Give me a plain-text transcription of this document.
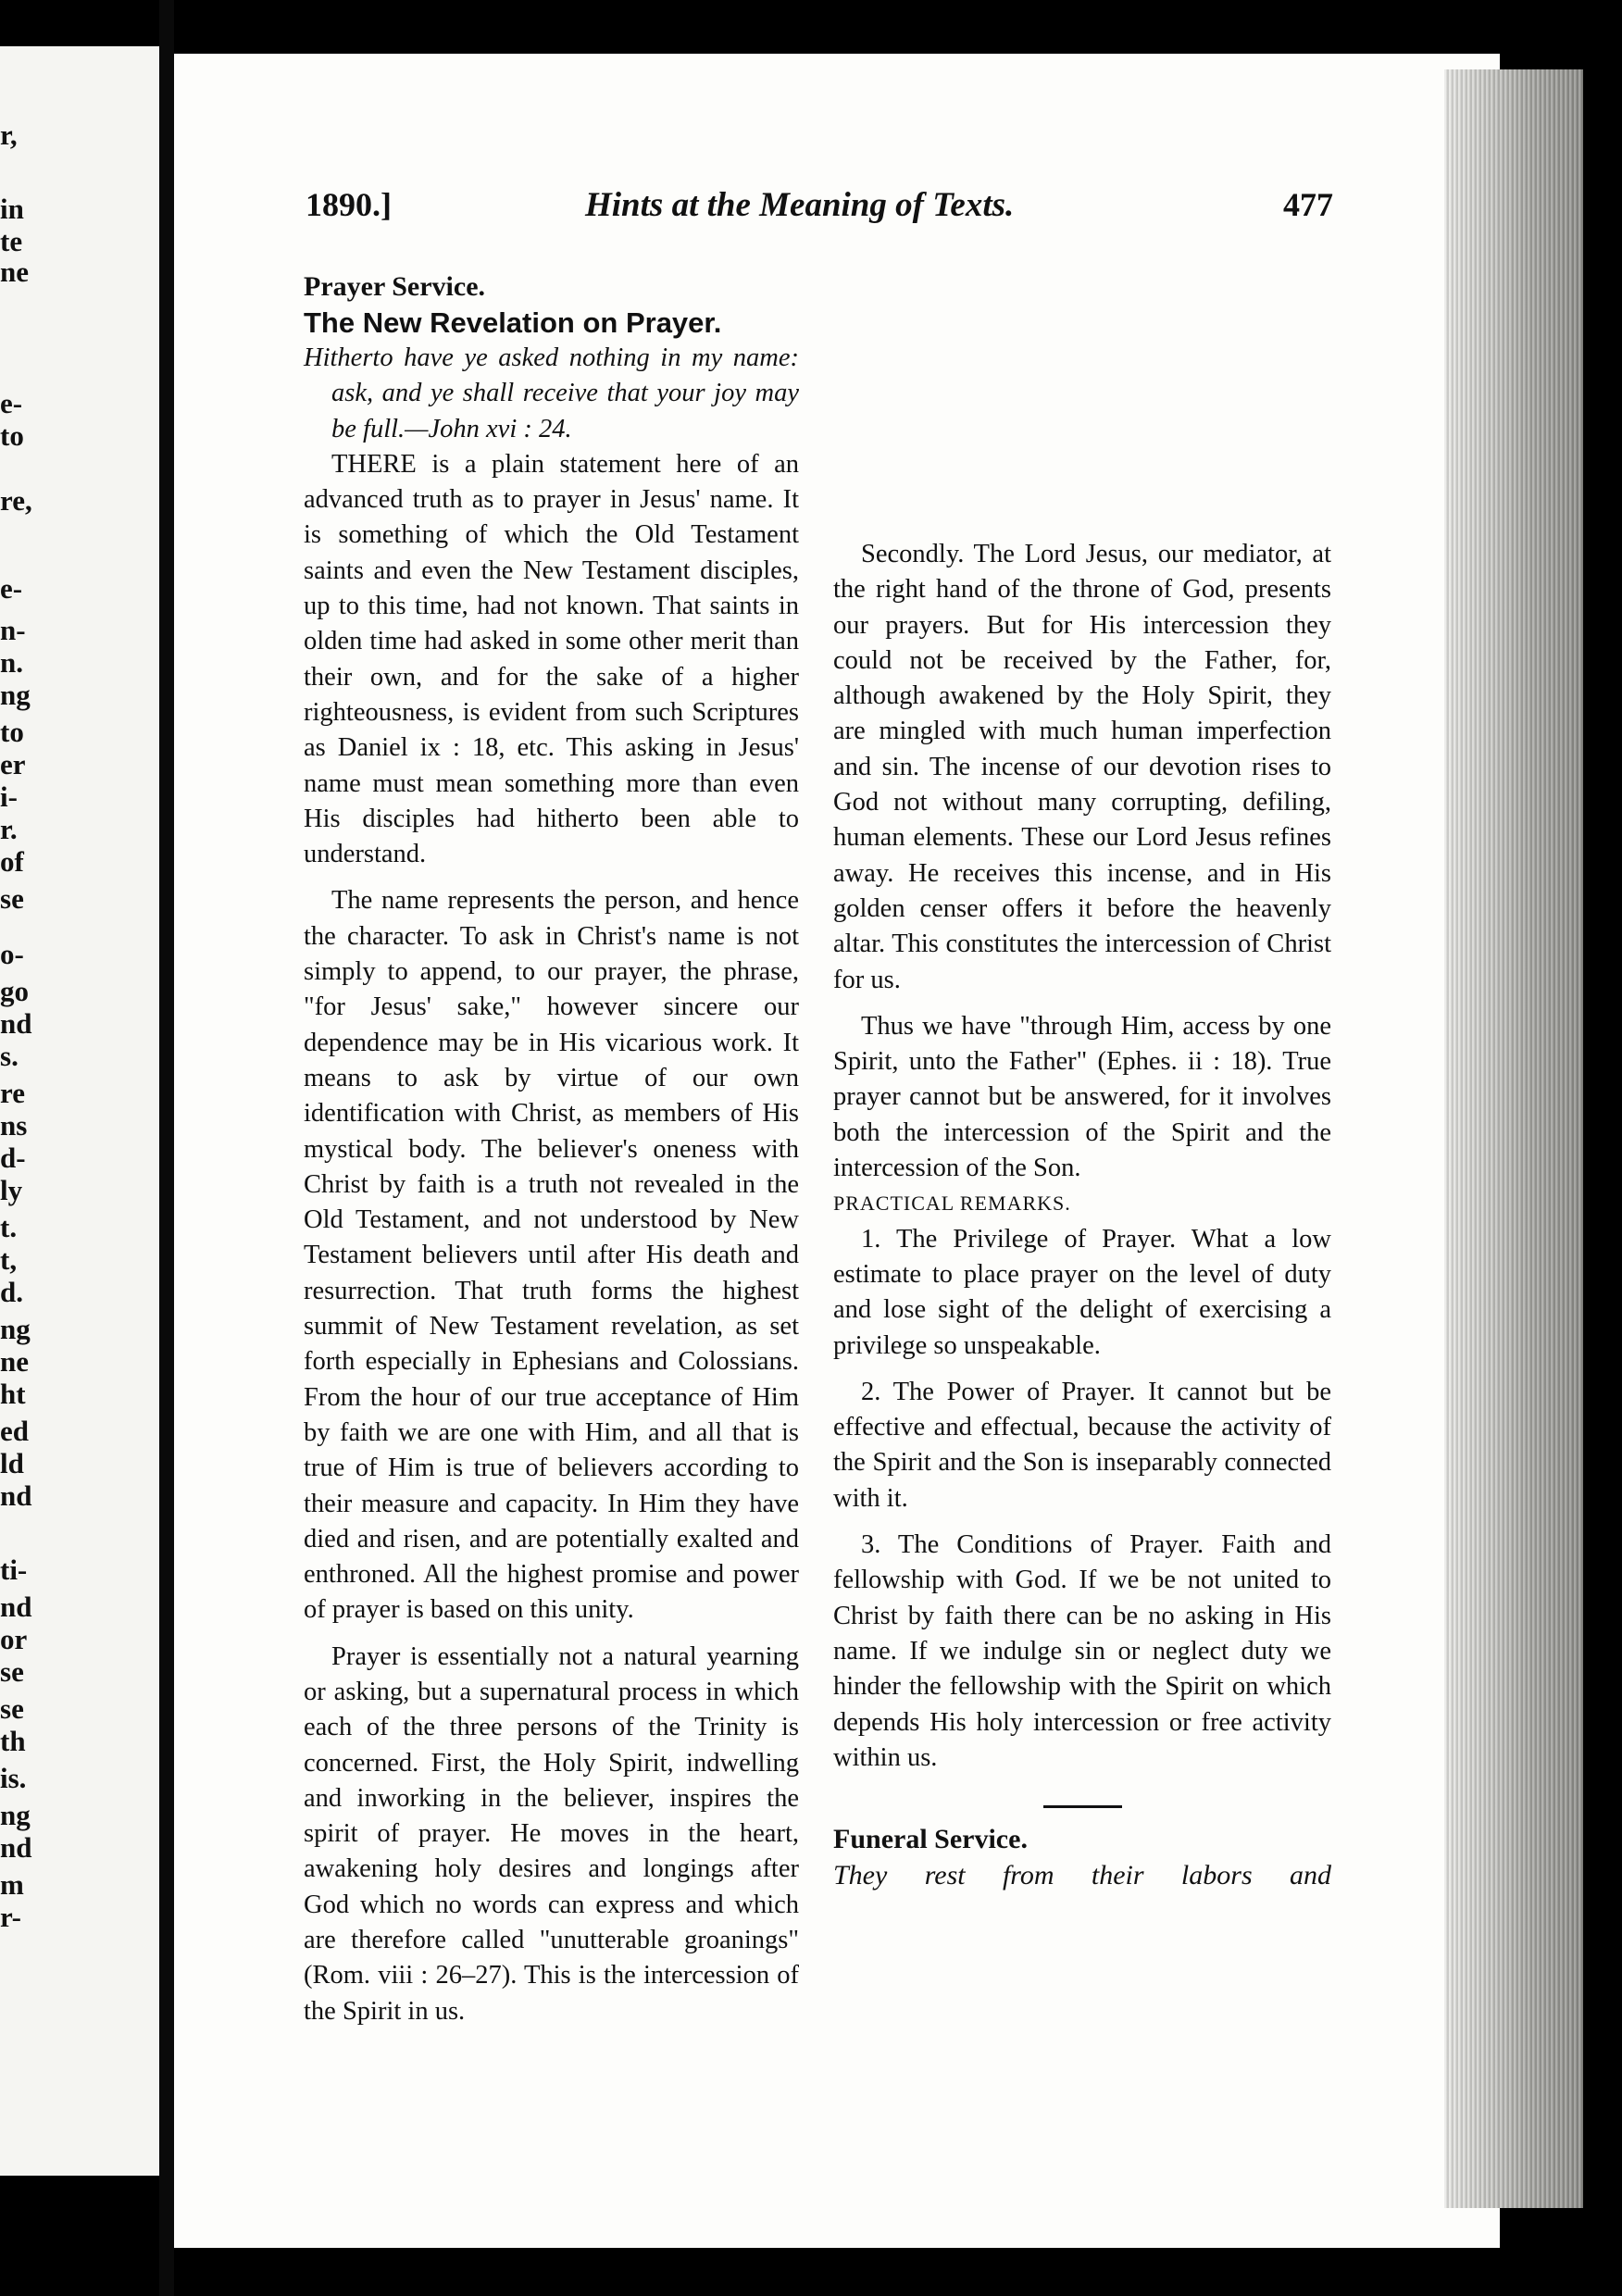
r,
in
te
ne
e-
to
re,
e-
n-
n.
ng
to
er
i-
r.
of
se
o-
go
nd
s.
re
ns
d-
ly
t.
t,
d.
ng
ne
ht
ed
ld
nd
ti-
nd
or
se
se
th
is.
ng
nd
m
r-
1890.]	Hints at the Meaning of Texts.	477

Prayer Service.

The New Revelation on Prayer.

Hitherto have ye asked nothing in my name: ask, and ye shall receive that your joy may be full.—John xvi : 24.

THERE is a plain statement here of an advanced truth as to prayer in Jesus' name. It is something of which the Old Testament saints and even the New Testament disciples, up to this time, had not known. That saints in olden time had asked in some other merit than their own, and for the sake of a higher righteousness, is evident from such Scriptures as Daniel ix : 18, etc. This asking in Jesus' name must mean something more than even His disciples had hitherto been able to understand.

The name represents the person, and hence the character. To ask in Christ's name is not simply to append, to our prayer, the phrase, "for Jesus' sake," however sincere our dependence may be in His vicarious work. It means to ask by virtue of our own identification with Christ, as members of His mystical body. The believer's oneness with Christ by faith is a truth not revealed in the Old Testament, and not understood by New Testament believers until after His death and resurrection. That truth forms the highest summit of New Testament revelation, as set forth especially in Ephesians and Colossians. From the hour of our true acceptance of Him by faith we are one with Him, and all that is true of Him is true of believers according to their measure and capacity. In Him they have died and risen, and are potentially exalted and enthroned. All the highest promise and power of prayer is based on this unity.

Prayer is essentially not a natural yearning or asking, but a supernatural process in which each of the three persons of the Trinity is concerned. First, the Holy Spirit, indwelling and inworking in the believer, inspires the spirit of prayer. He moves in the heart, awakening holy desires and longings after God which no words can express and which are therefore called "unutterable groanings" (Rom. viii : 26–27). This is the intercession of the Spirit in us.

Secondly. The Lord Jesus, our mediator, at the right hand of the throne of God, presents our prayers. But for His intercession they could not be received by the Father, for, although awakened by the Holy Spirit, they are mingled with much human imperfection and sin. The incense of our devotion rises to God not without many corrupting, defiling, human elements. These our Lord Jesus refines away. He receives this incense, and in His golden censer offers it before the heavenly altar. This constitutes the intercession of Christ for us.

Thus we have "through Him, access by one Spirit, unto the Father" (Ephes. ii : 18). True prayer cannot but be answered, for it involves both the intercession of the Spirit and the intercession of the Son.

PRACTICAL REMARKS.

1. The Privilege of Prayer. What a low estimate to place prayer on the level of duty and lose sight of the delight of exercising a privilege so unspeakable.

2. The Power of Prayer. It cannot but be effective and effectual, because the activity of the Spirit and the Son is inseparably connected with it.

3. The Conditions of Prayer. Faith and fellowship with God. If we be not united to Christ by faith there can be no asking in His name. If we indulge sin or neglect duty we hinder the fellowship with the Spirit on which depends His holy intercession or free activity within us.

Funeral Service.

They rest from their labors and
